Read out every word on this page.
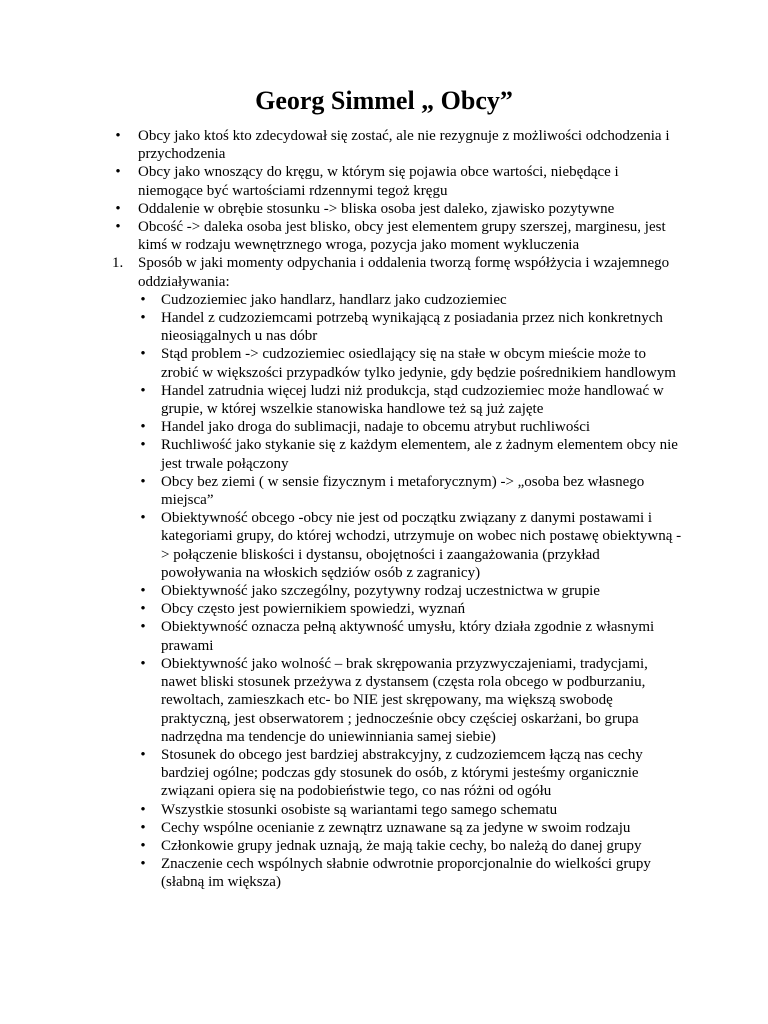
Georg Simmel „ Obcy”
• Obcy jako ktoś kto zdecydował się zostać, ale nie rezygnuje z możliwości odchodzenia i przychodzenia
• Obcy jako wnoszący do kręgu, w którym się pojawia obce wartości, niebędące i niemogące być wartościami rdzennymi tegoż kręgu
• Oddalenie w obrębie stosunku -> bliska osoba jest daleko, zjawisko pozytywne
• Obcość -> daleka osoba jest blisko, obcy jest elementem grupy szerszej, marginesu, jest kimś w rodzaju wewnętrznego wroga, pozycja jako moment wykluczenia
1. Sposób w jaki momenty odpychania i oddalenia tworzą formę współżycia i wzajemnego oddziaływania:
• Cudzoziemiec jako handlarz, handlarz jako cudzoziemiec
• Handel z cudzoziemcami potrzebą wynikającą z posiadania przez nich konkretnych nieosiągalnych u nas dóbr
• Stąd problem -> cudzoziemiec osiedlający się na stałe w obcym mieście może to zrobić w większości przypadków tylko jedynie, gdy będzie pośrednikiem handlowym
• Handel zatrudnia więcej ludzi niż produkcja, stąd cudzoziemiec może handlować w grupie, w której wszelkie stanowiska handlowe też są już zajęte
• Handel jako droga do sublimacji, nadaje to obcemu atrybut ruchliwości
• Ruchliwość jako stykanie się z każdym elementem, ale z żadnym elementem obcy nie jest trwale połączony
• Obcy bez ziemi ( w sensie fizycznym i metaforycznym) -> „osoba bez własnego miejsca”
• Obiektywność obcego -obcy nie jest od początku związany z danymi postawami i kategoriami grupy, do której wchodzi, utrzymuje on wobec nich postawę obiektywną -> połączenie bliskości i dystansu, obojętności i zaangażowania (przykład powoływania na włoskich sędziów osób z zagranicy)
• Obiektywność jako szczególny, pozytywny rodzaj uczestnictwa w grupie
• Obcy często jest powiernikiem spowiedzi, wyznań
• Obiektywność oznacza pełną aktywność umysłu, który działa zgodnie z własnymi prawami
• Obiektywność jako wolność – brak skrępowania przyzwyczajeniami, tradycjami, nawet bliski stosunek przeżywa z dystansem (częsta rola obcego w podburzaniu, rewoltach, zamieszkach etc- bo NIE jest skrępowany, ma większą swobodę praktyczną, jest obserwatorem ; jednocześnie obcy częściej oskarżani, bo grupa nadrzędna ma tendencje do uniewinniania samej siebie)
• Stosunek do obcego jest bardziej abstrakcyjny, z cudzoziemcem łączą nas cechy bardziej ogólne; podczas gdy stosunek do osób, z którymi jesteśmy organicznie związani opiera się na podobieństwie tego, co nas różni od ogółu
• Wszystkie stosunki osobiste są wariantami tego samego schematu
• Cechy wspólne ocenianie z zewnątrz uznawane są za jedyne w swoim rodzaju
• Członkowie grupy jednak uznają, że mają takie cechy, bo należą do danej grupy
• Znaczenie cech wspólnych słabnie odwrotnie proporcjonalnie do wielkości grupy (słabną im większa)
